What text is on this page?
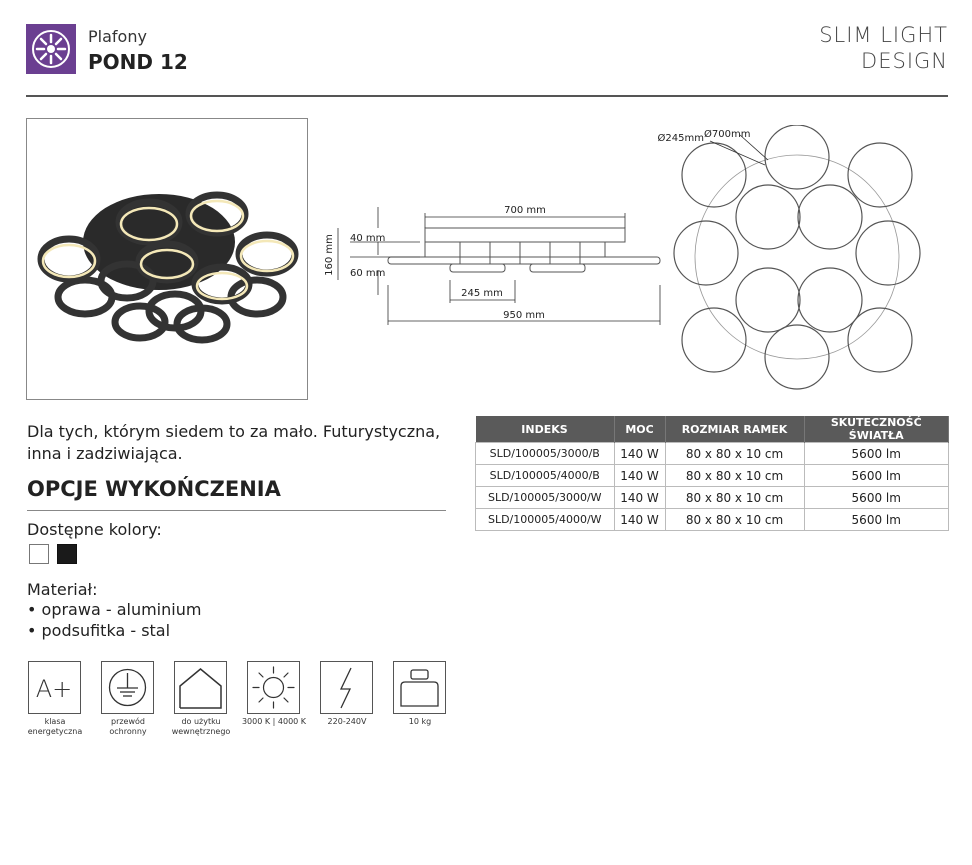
Plafony
POND 12
SLIM LIGHT
DESIGN
700 mm
40 mm
60 mm
160 mm
245 mm
950 mm
Ø245mm Ø700mm
Dla tych, którym siedem to za mało. Futurystyczna, inna i zadziwiająca.
OPCJE WYKOŃCZENIA
Dostępne kolory:
Materiał:
• oprawa - aluminium
• podsufitka - stal
INDEKS	MOC	ROZMIAR RAMEK	SKUTECZNOŚĆ ŚWIATŁA
SLD/100005/3000/B	140 W	80 x 80 x 10 cm	5600 lm
SLD/100005/4000/B	140 W	80 x 80 x 10 cm	5600 lm
SLD/100005/3000/W	140 W	80 x 80 x 10 cm	5600 lm
SLD/100005/4000/W	140 W	80 x 80 x 10 cm	5600 lm
A+
klasa energetyczna
przewód ochronny
do użytku wewnętrznego
3000 K | 4000 K	220-240V	10 kg
